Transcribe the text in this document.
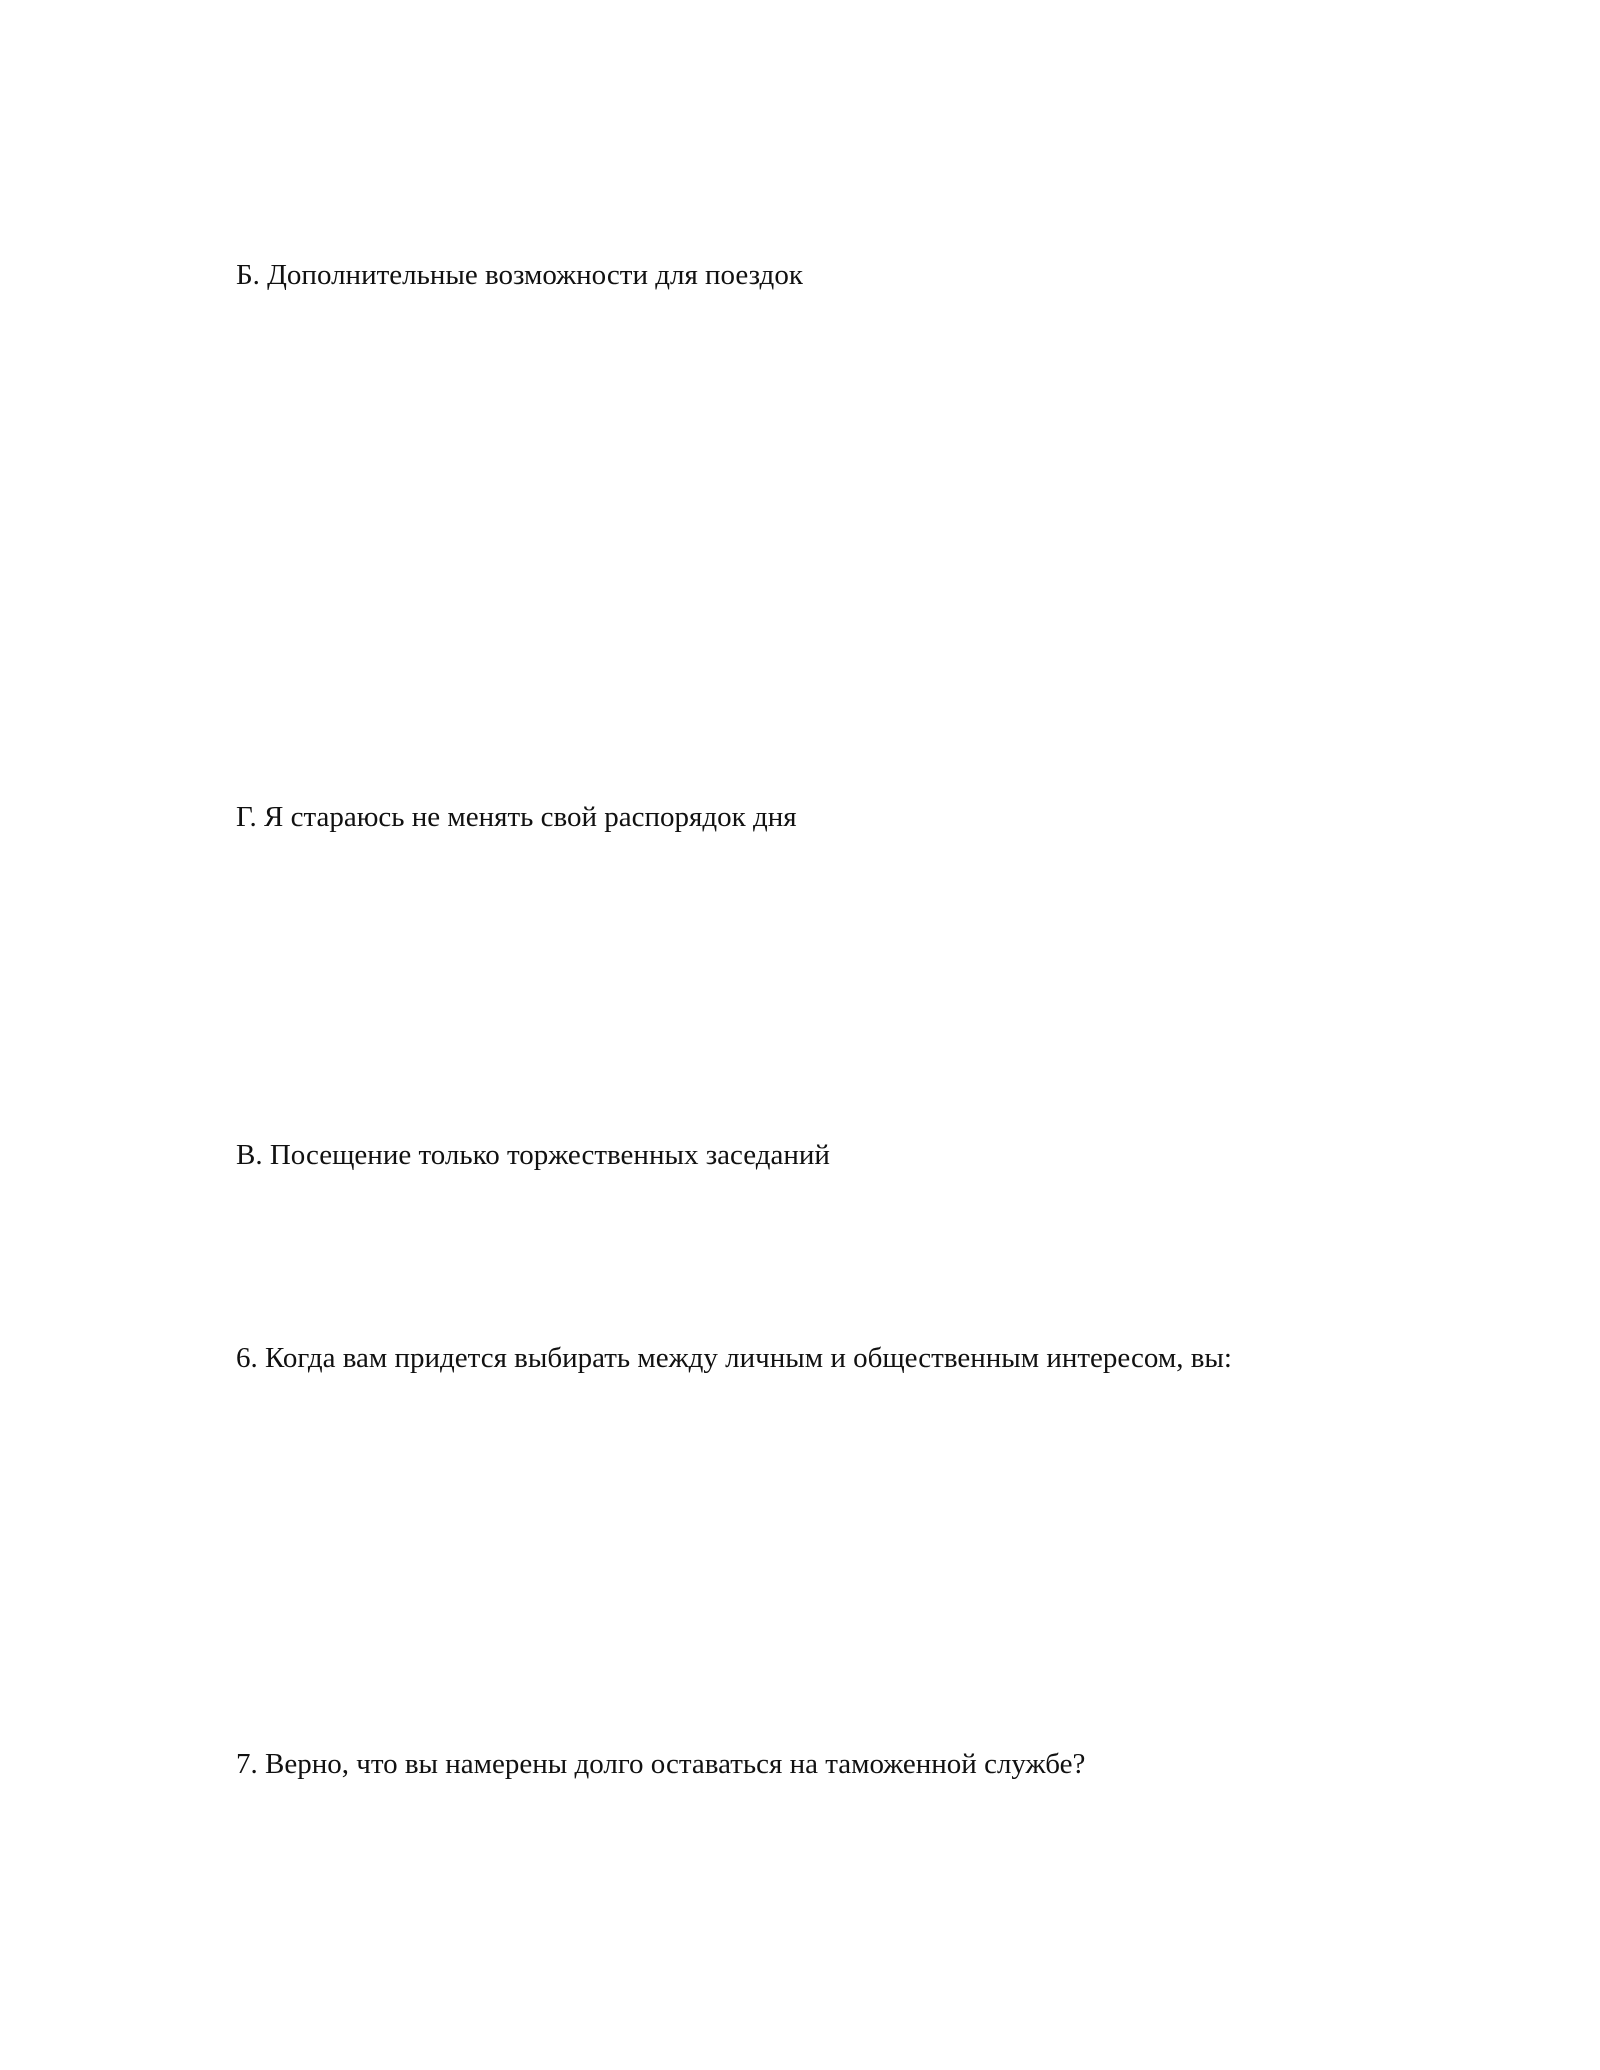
Б. Дополнительные возможности для поездок

Г. Я стараюсь не менять свой распорядок дня

В. Посещение только торжественных заседаний

6. Когда вам придется выбирать между личным и общественным интересом, вы:

7. Верно, что вы намерены долго оставаться на таможенной службе?
